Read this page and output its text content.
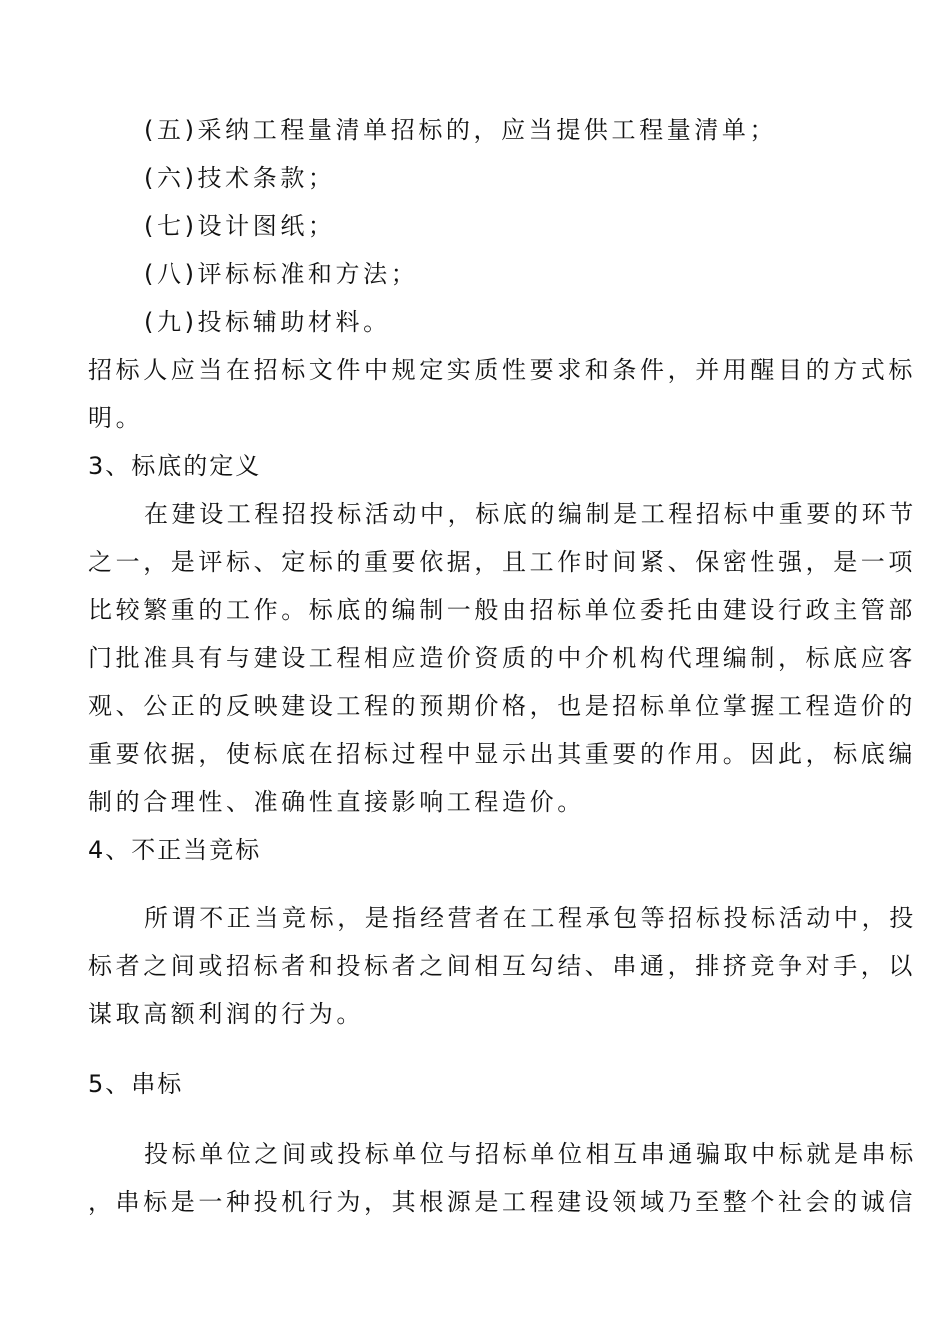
(五)采纳工程量清单招标的，应当提供工程量清单；
(六)技术条款；
(七)设计图纸；
(八)评标标准和方法；
(九)投标辅助材料。
招标人应当在招标文件中规定实质性要求和条件，并用醒目的方式标
明。
3、标底的定义
在建设工程招投标活动中，标底的编制是工程招标中重要的环节
之一，是评标、定标的重要依据，且工作时间紧、保密性强，是一项
比较繁重的工作。标底的编制一般由招标单位委托由建设行政主管部
门批准具有与建设工程相应造价资质的中介机构代理编制，标底应客
观、公正的反映建设工程的预期价格，也是招标单位掌握工程造价的
重要依据，使标底在招标过程中显示出其重要的作用。因此，标底编
制的合理性、准确性直接影响工程造价。
4、不正当竞标
所谓不正当竞标，是指经营者在工程承包等招标投标活动中，投
标者之间或招标者和投标者之间相互勾结、串通，排挤竞争对手，以
谋取高额利润的行为。
5、串标
投标单位之间或投标单位与招标单位相互串通骗取中标就是串标
，串标是一种投机行为，其根源是工程建设领域乃至整个社会的诚信
